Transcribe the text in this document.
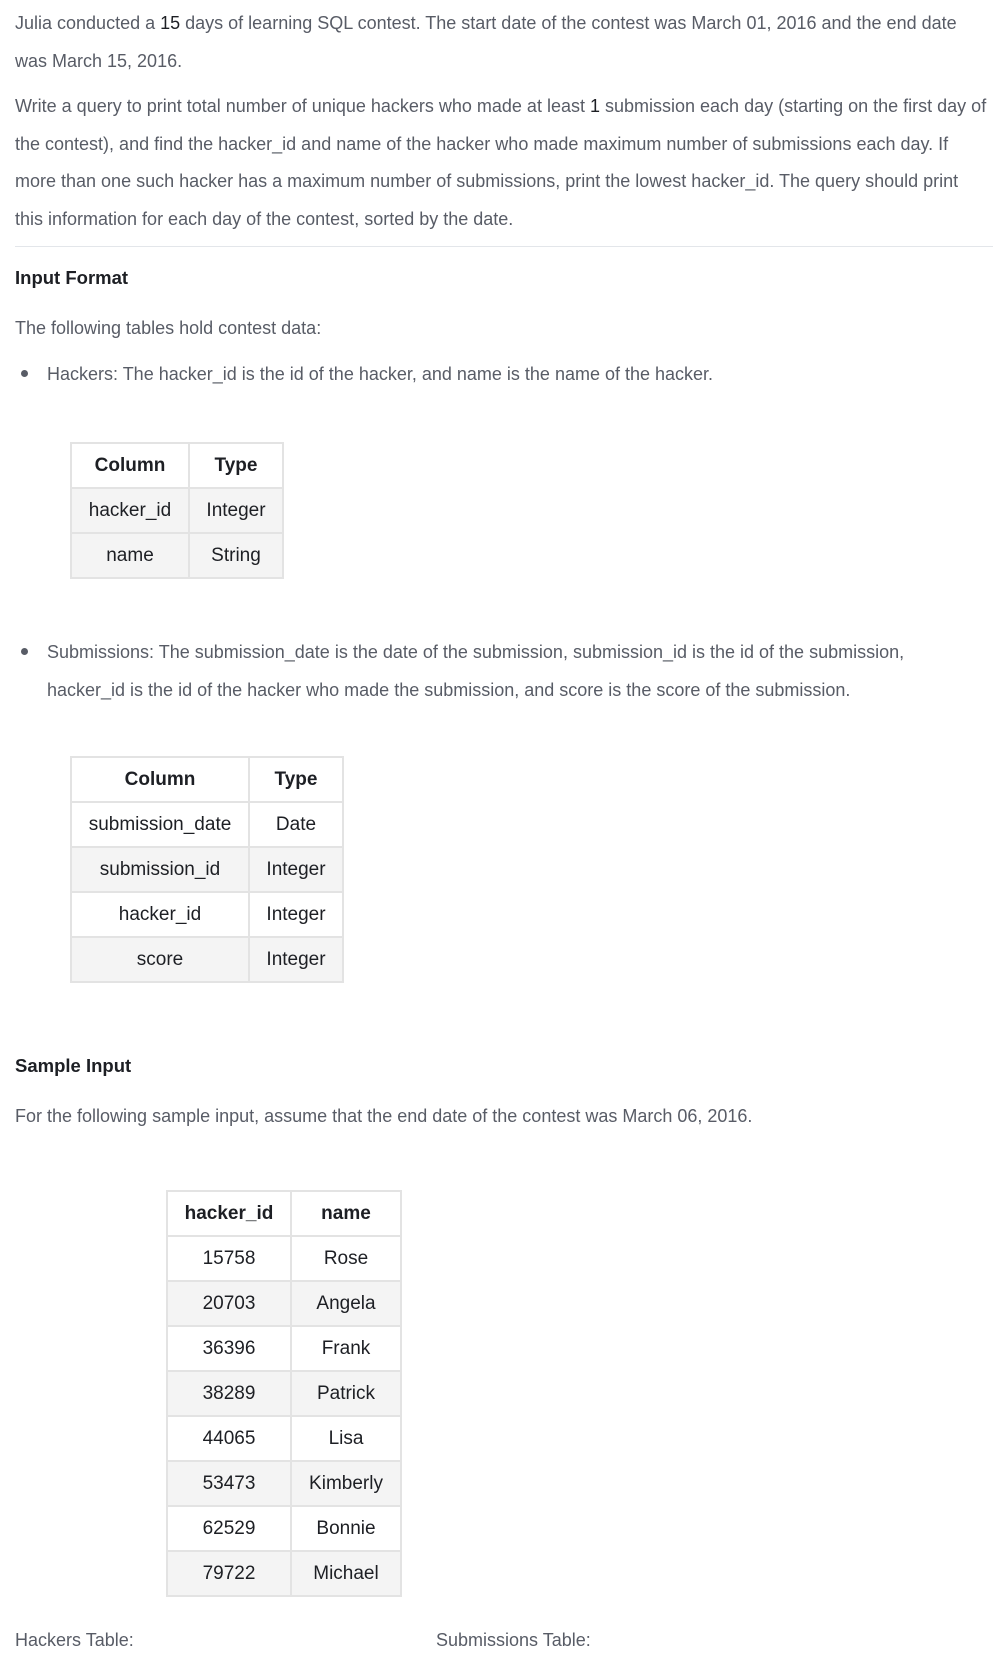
Julia conducted a 15 days of learning SQL contest. The start date of the contest was March 01, 2016 and the end date was March 15, 2016.

Write a query to print total number of unique hackers who made at least 1 submission each day (starting on the first day of the contest), and find the hacker_id and name of the hacker who made maximum number of submissions each day. If more than one such hacker has a maximum number of submissions, print the lowest hacker_id. The query should print this information for each day of the contest, sorted by the date.

Input Format
The following tables hold contest data:
Hackers: The hacker_id is the id of the hacker, and name is the name of the hacker.
Submissions: The submission_date is the date of the submission, submission_id is the id of the submission, hacker_id is the id of the hacker who made the submission, and score is the score of the submission.
Sample Input
For the following sample input, assume that the end date of the contest was March 06, 2016.
Column	Type
hacker_id	Integer
name	String
Column	Type
submission_date	Date
submission_id	Integer
hacker_id	Integer
score	Integer
hacker_id	name
15758	Rose
20703	Angela
36396	Frank
38289	Patrick
44065	Lisa
53473	Kimberly
62529	Bonnie
79722	Michael
Hackers Table:	Submissions Table:
